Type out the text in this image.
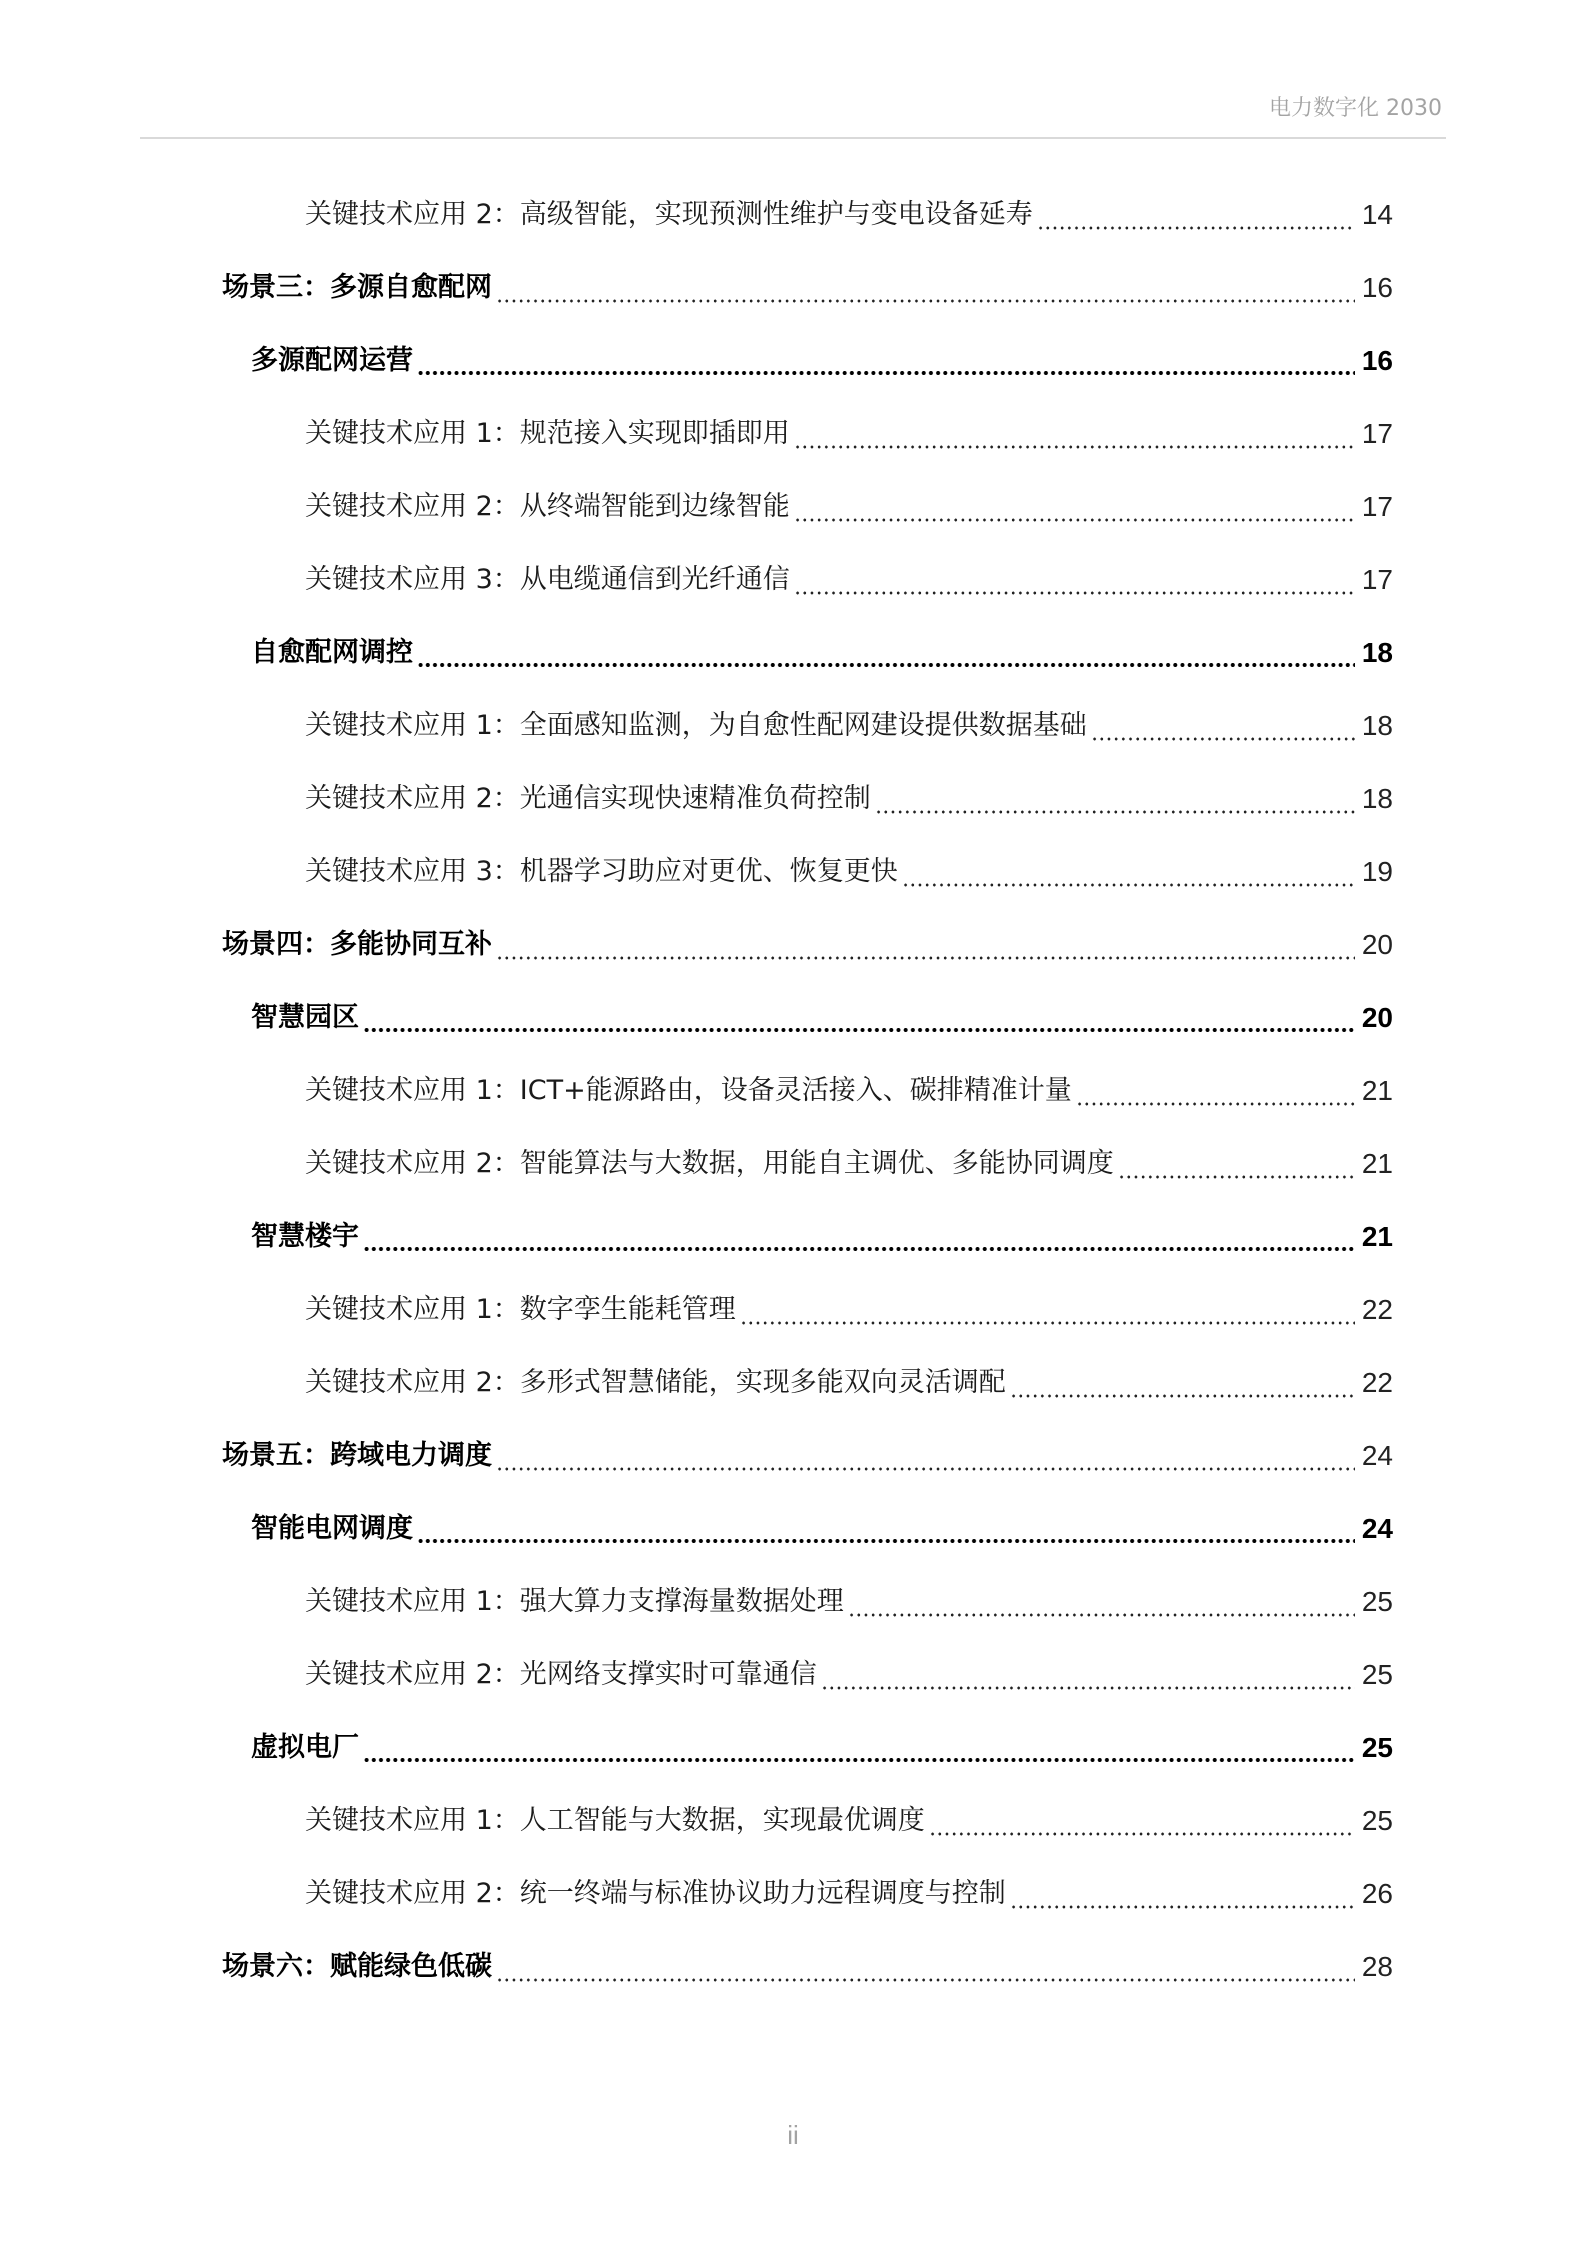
电力数字化 2030
关键技术应用 2：高级智能，实现预测性维护与变电设备延寿	14
场景三：多源自愈配网	16
多源配网运营	16
关键技术应用 1：规范接入实现即插即用	17
关键技术应用 2：从终端智能到边缘智能	17
关键技术应用 3：从电缆通信到光纤通信	17
自愈配网调控	18
关键技术应用 1：全面感知监测，为自愈性配网建设提供数据基础	18
关键技术应用 2：光通信实现快速精准负荷控制	18
关键技术应用 3：机器学习助应对更优、恢复更快	19
场景四：多能协同互补	20
智慧园区	20
关键技术应用 1：ICT+能源路由，设备灵活接入、碳排精准计量	21
关键技术应用 2：智能算法与大数据，用能自主调优、多能协同调度	21
智慧楼宇	21
关键技术应用 1：数字孪生能耗管理	22
关键技术应用 2：多形式智慧储能，实现多能双向灵活调配	22
场景五：跨域电力调度	24
智能电网调度	24
关键技术应用 1：强大算力支撑海量数据处理	25
关键技术应用 2：光网络支撑实时可靠通信	25
虚拟电厂	25
关键技术应用 1：人工智能与大数据，实现最优调度	25
关键技术应用 2：统一终端与标准协议助力远程调度与控制	26
场景六：赋能绿色低碳	28
ii
